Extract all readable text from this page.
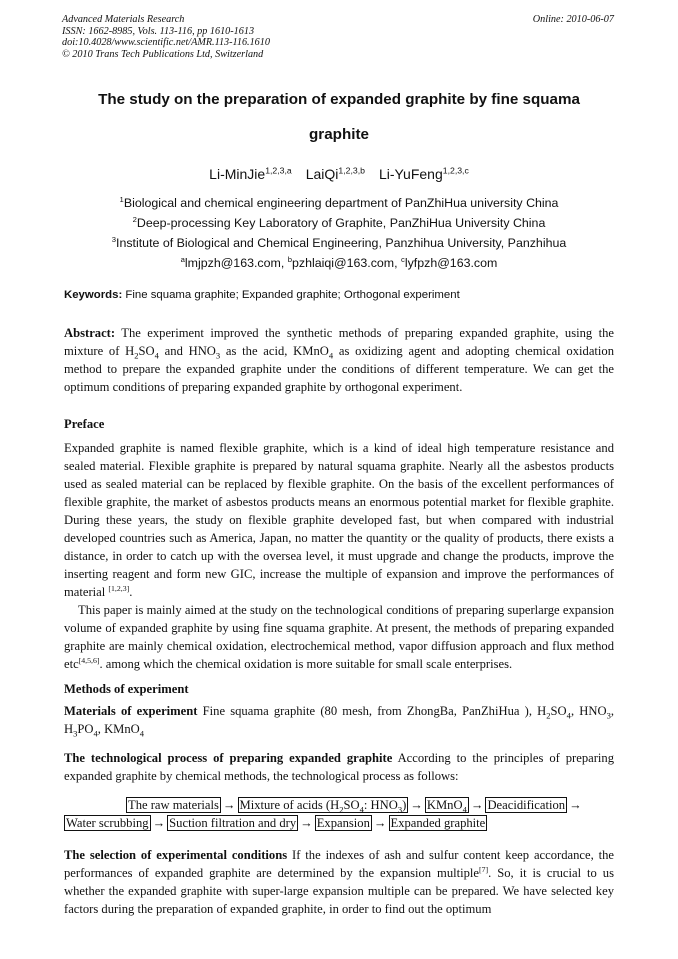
Advanced Materials Research
ISSN: 1662-8985, Vols. 113-116, pp 1610-1613
doi:10.4028/www.scientific.net/AMR.113-116.1610
© 2010 Trans Tech Publications Ltd, Switzerland
Online: 2010-06-07
The study on the preparation of expanded graphite by fine squama
graphite
Li-MinJie$^{1,2,3,a}$ LaiQi$^{1,2,3,b}$ Li-YuFeng$^{1,2,3,c}$
$^1$Biological and chemical engineering department of PanZhiHua university China
$^2$Deep-processing Key Laboratory of Graphite, PanZhiHua University China
$^3$Institute of Biological and Chemical Engineering, Panzhihua University, Panzhihua
$^a$lmjpzh@163.com, $^b$pzhlaiqi@163.com, $^c$lyfpzh@163.com
Keywords: Fine squama graphite; Expanded graphite; Orthogonal experiment
Abstract: The experiment improved the synthetic methods of preparing expanded graphite, using the mixture of $H_2SO_4$ and $HNO_3$ as the acid, KMnO$_4$ as oxidizing agent and adopting chemical oxidation method to prepare the expanded graphite under the conditions of different temperature. We can get the optimum conditions of preparing expanded graphite by orthogonal experiment.
Preface
Expanded graphite is named flexible graphite, which is a kind of ideal high temperature resistance and sealed material. Flexible graphite is prepared by natural squama graphite. Nearly all the asbestos products used as sealed material can be replaced by flexible graphite. On the basis of the excellent performances of flexible graphite, the market of asbestos products means an enormous potential market for flexible graphite. During these years, the study on flexible graphite developed fast, but when compared with industrial developed countries such as America, Japan, no matter the quantity or the quality of products, there exists a distance, in order to catch up with the oversea level, it must upgrade and change the products, improve the inserting reagent and form new GIC, increase the multiple of expansion and improve the performances of material [1,2,3].
This paper is mainly aimed at the study on the technological conditions of preparing superlarge expansion volume of expanded graphite by using fine squama graphite. At present, the methods of preparing expanded graphite are mainly chemical oxidation, electrochemical method, vapor diffusion approach and flux method etc[4,5,6]. among which the chemical oxidation is more suitable for small scale enterprises.
Methods of experiment
Materials of experiment Fine squama graphite (80 mesh, from ZhongBa, PanZhiHua ), $H_2SO_4$, $HNO_3$, $H_3PO_4$, KMnO$_4$
The technological process of preparing expanded graphite According to the principles of preparing expanded graphite by chemical methods, the technological process as follows:
The raw materials → Mixture of acids ($H_2SO_4$: $HNO_3$) → KMnO$_4$ → Deacidification →
Water scrubbing → Suction filtration and dry → Expansion → Expanded graphite
The selection of experimental conditions If the indexes of ash and sulfur content keep accordance, the performances of expanded graphite are determined by the expansion multiple[7]. So, it is crucial to us whether the expanded graphite with super-large expansion multiple can be prepared. We have selected key factors during the preparation of expanded graphite, in order to find out the optimum
